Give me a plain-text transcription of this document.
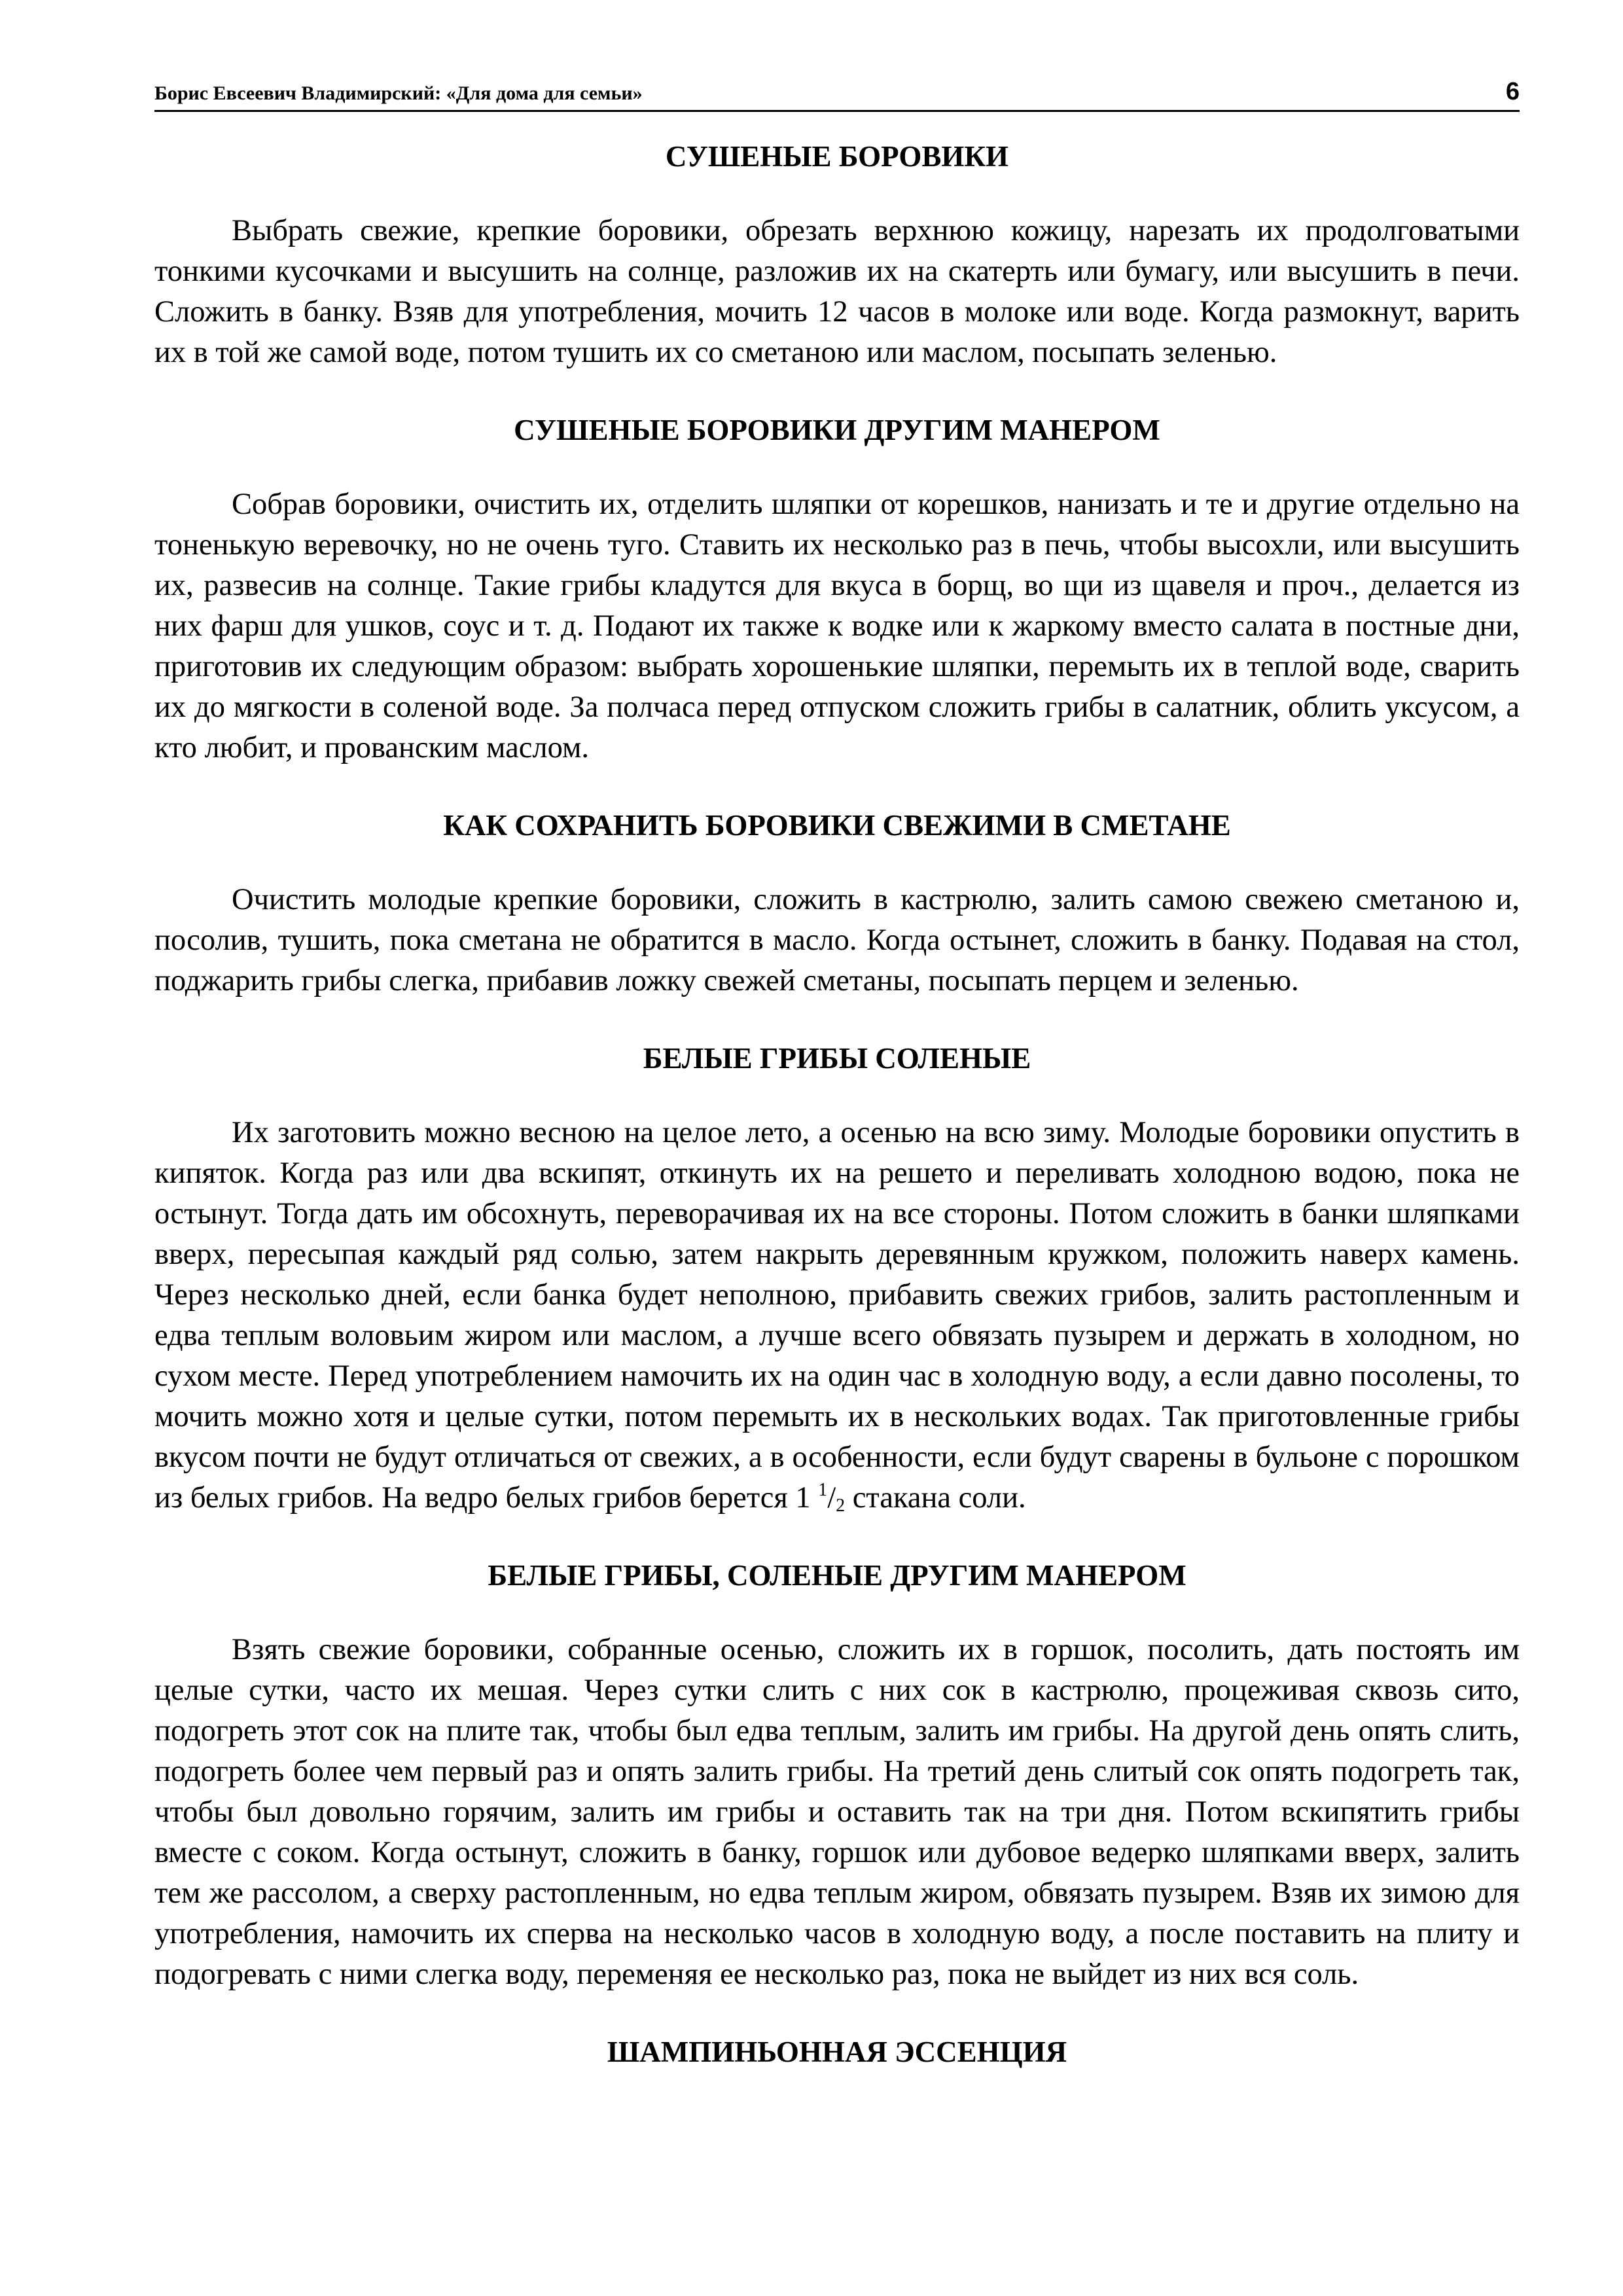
Борис Евсеевич Владимирский: «Для дома для семьи»	6
СУШЕНЫЕ БОРОВИКИ

Выбрать свежие, крепкие боровики, обрезать верхнюю кожицу, нарезать их продолговатыми тонкими кусочками и высушить на солнце, разложив их на скатерть или бумагу, или высушить в печи. Сложить в банку. Взяв для употребления, мочить 12 часов в молоке или воде. Когда размокнут, варить их в той же самой воде, потом тушить их со сметаною или маслом, посыпать зеленью.

СУШЕНЫЕ БОРОВИКИ ДРУГИМ МАНЕРОМ

Собрав боровики, очистить их, отделить шляпки от корешков, нанизать и те и другие отдельно на тоненькую веревочку, но не очень туго. Ставить их несколько раз в печь, чтобы высохли, или высушить их, развесив на солнце. Такие грибы кладутся для вкуса в борщ, во щи из щавеля и проч., делается из них фарш для ушков, соус и т. д. Подают их также к водке или к жаркому вместо салата в постные дни, приготовив их следующим образом: выбрать хорошенькие шляпки, перемыть их в теплой воде, сварить их до мягкости в соленой воде. За полчаса перед отпуском сложить грибы в салатник, облить уксусом, а кто любит, и прованским маслом.

КАК СОХРАНИТЬ БОРОВИКИ СВЕЖИМИ В СМЕТАНЕ

Очистить молодые крепкие боровики, сложить в кастрюлю, залить самою свежею сметаною и, посолив, тушить, пока сметана не обратится в масло. Когда остынет, сложить в банку. Подавая на стол, поджарить грибы слегка, прибавив ложку свежей сметаны, посыпать перцем и зеленью.

БЕЛЫЕ ГРИБЫ СОЛЕНЫЕ

Их заготовить можно весною на целое лето, а осенью на всю зиму. Молодые боровики опустить в кипяток. Когда раз или два вскипят, откинуть их на решето и переливать холодною водою, пока не остынут. Тогда дать им обсохнуть, переворачивая их на все стороны. Потом сложить в банки шляпками вверх, пересыпая каждый ряд солью, затем накрыть деревянным кружком, положить наверх камень. Через несколько дней, если банка будет неполною, прибавить свежих грибов, залить растопленным и едва теплым воловьим жиром или маслом, а лучше всего обвязать пузырем и держать в холодном, но сухом месте. Перед употреблением намочить их на один час в холодную воду, а если давно посолены, то мочить можно хотя и целые сутки, потом перемыть их в нескольких водах. Так приготовленные грибы вкусом почти не будут отличаться от свежих, а в особенности, если будут сварены в бульоне с порошком из белых грибов. На ведро белых грибов берется 1 $^1/_2$ стакана соли.

БЕЛЫЕ ГРИБЫ, СОЛЕНЫЕ ДРУГИМ МАНЕРОМ

Взять свежие боровики, собранные осенью, сложить их в горшок, посолить, дать постоять им целые сутки, часто их мешая. Через сутки слить с них сок в кастрюлю, процеживая сквозь сито, подогреть этот сок на плите так, чтобы был едва теплым, залить им грибы. На другой день опять слить, подогреть более чем первый раз и опять залить грибы. На третий день слитый сок опять подогреть так, чтобы был довольно горячим, залить им грибы и оставить так на три дня. Потом вскипятить грибы вместе с соком. Когда остынут, сложить в банку, горшок или дубовое ведерко шляпками вверх, залить тем же рассолом, а сверху растопленным, но едва теплым жиром, обвязать пузырем. Взяв их зимою для употребления, намочить их сперва на несколько часов в холодную воду, а после поставить на плиту и подогревать с ними слегка воду, переменяя ее несколько раз, пока не выйдет из них вся соль.

ШАМПИНЬОННАЯ ЭССЕНЦИЯ
